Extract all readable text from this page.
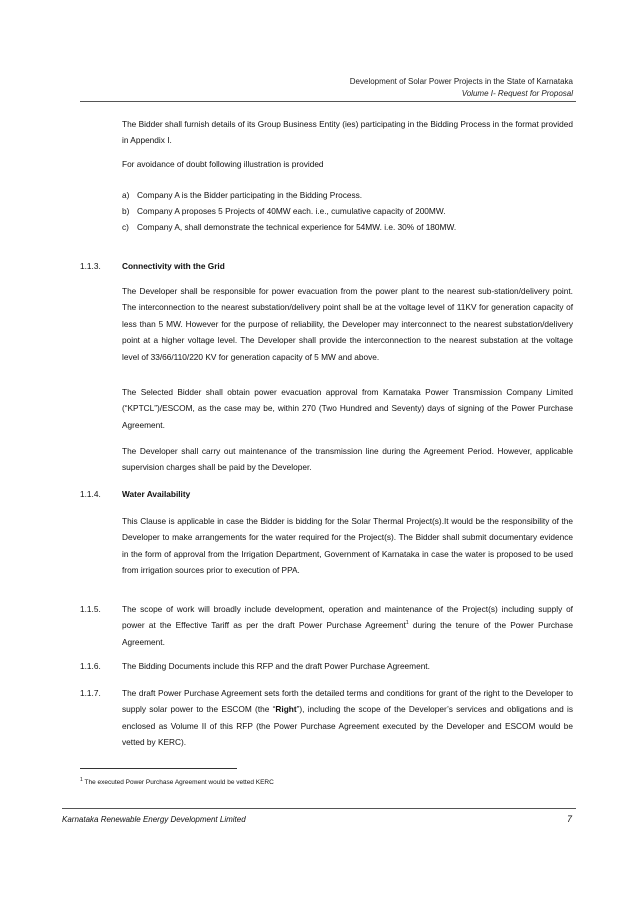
Development of Solar Power Projects in the State of Karnataka
Volume I- Request for Proposal

The Bidder shall furnish details of its Group Business Entity (ies) participating in the Bidding Process in the format provided in Appendix I.

For avoidance of doubt following illustration is provided

a) Company A is the Bidder participating in the Bidding Process.

b) Company A proposes 5 Projects of 40MW each. i.e., cumulative capacity of 200MW.

c) Company A, shall demonstrate the technical experience for 54MW. i.e. 30% of 180MW.

1.1.3.	Connectivity with the Grid

The Developer shall be responsible for power evacuation from the power plant to the nearest sub-station/delivery point. The interconnection to the nearest substation/delivery point shall be at the voltage level of 11KV for generation capacity of less than 5 MW. However for the purpose of reliability, the Developer may interconnect to the nearest substation/delivery point at a higher voltage level. The Developer shall provide the interconnection to the nearest substation at the voltage level of 33/66/110/220 KV for generation capacity of 5 MW and above.

The Selected Bidder shall obtain power evacuation approval from Karnataka Power Transmission Company Limited (“KPTCL”)/ESCOM, as the case may be, within 270 (Two Hundred and Seventy) days of signing of the Power Purchase Agreement.

The Developer shall carry out maintenance of the transmission line during the Agreement Period. However, applicable supervision charges shall be paid by the Developer.

1.1.4.	Water Availability

This Clause is applicable in case the Bidder is bidding for the Solar Thermal Project(s).It would be the responsibility of the Developer to make arrangements for the water required for the Project(s). The Bidder shall submit documentary evidence in the form of approval from the Irrigation Department, Government of Karnataka in case the water is proposed to be used from irrigation sources prior to execution of PPA.

1.1.5.	The scope of work will broadly include development, operation and maintenance of the Project(s) including supply of power at the Effective Tariff as per the draft Power Purchase Agreement$^1$ during the tenure of the Power Purchase Agreement.

1.1.6.	The Bidding Documents include this RFP and the draft Power Purchase Agreement.

1.1.7.	The draft Power Purchase Agreement sets forth the detailed terms and conditions for grant of the right to the Developer to supply solar power to the ESCOM (the “Right”), including the scope of the Developer’s services and obligations and is enclosed as Volume II of this RFP (the Power Purchase Agreement executed by the Developer and ESCOM would be vetted by KERC).

$^1$ The executed Power Purchase Agreement would be vetted KERC
Karnataka Renewable Energy Development Limited	7
